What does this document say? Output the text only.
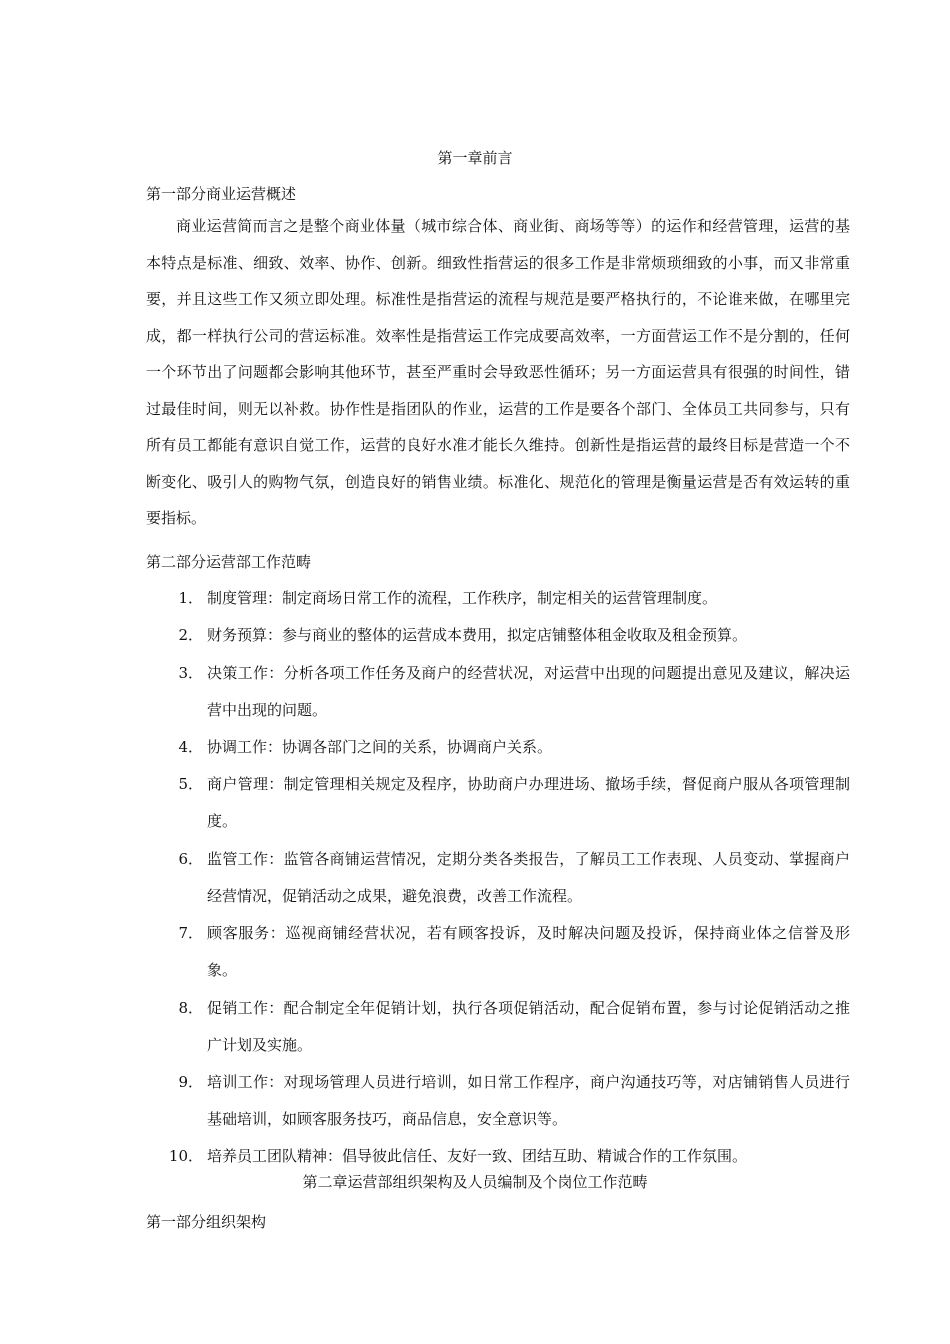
第一章前言
第一部分商业运营概述

商业运营简而言之是整个商业体量（城市综合体、商业街、商场等等）的运作和经营管理，运营的基本特点是标准、细致、效率、协作、创新。细致性指营运的很多工作是非常烦琐细致的小事，而又非常重要，并且这些工作又须立即处理。标准性是指营运的流程与规范是要严格执行的，不论谁来做，在哪里完成，都一样执行公司的营运标准。效率性是指营运工作完成要高效率，一方面营运工作不是分割的，任何一个环节出了问题都会影响其他环节，甚至严重时会导致恶性循环；另一方面运营具有很强的时间性，错过最佳时间，则无以补救。协作性是指团队的作业，运营的工作是要各个部门、全体员工共同参与，只有所有员工都能有意识自觉工作，运营的良好水准才能长久维持。创新性是指运营的最终目标是营造一个不断变化、吸引人的购物气氛，创造良好的销售业绩。标准化、规范化的管理是衡量运营是否有效运转的重要指标。

第二部分运营部工作范畴
1． 制度管理：制定商场日常工作的流程，工作秩序，制定相关的运营管理制度。

2． 财务预算：参与商业的整体的运营成本费用，拟定店铺整体租金收取及租金预算。

3． 决策工作：分析各项工作任务及商户的经营状况，对运营中出现的问题提出意见及建议，解决运营中出现的问题。

4． 协调工作：协调各部门之间的关系，协调商户关系。

5． 商户管理：制定管理相关规定及程序，协助商户办理进场、撤场手续，督促商户服从各项管理制度。

6． 监管工作：监管各商铺运营情况，定期分类各类报告，了解员工工作表现、人员变动、掌握商户经营情况，促销活动之成果，避免浪费，改善工作流程。

7． 顾客服务：巡视商铺经营状况，若有顾客投诉，及时解决问题及投诉，保持商业体之信誉及形象。

8． 促销工作：配合制定全年促销计划，执行各项促销活动，配合促销布置，参与讨论促销活动之推广计划及实施。

9． 培训工作：对现场管理人员进行培训，如日常工作程序，商户沟通技巧等，对店铺销售人员进行基础培训，如顾客服务技巧，商品信息，安全意识等。

10． 培养员工团队精神：倡导彼此信任、友好一致、团结互助、精诚合作的工作氛围。

第二章运营部组织架构及人员编制及个岗位工作范畴
第一部分组织架构
